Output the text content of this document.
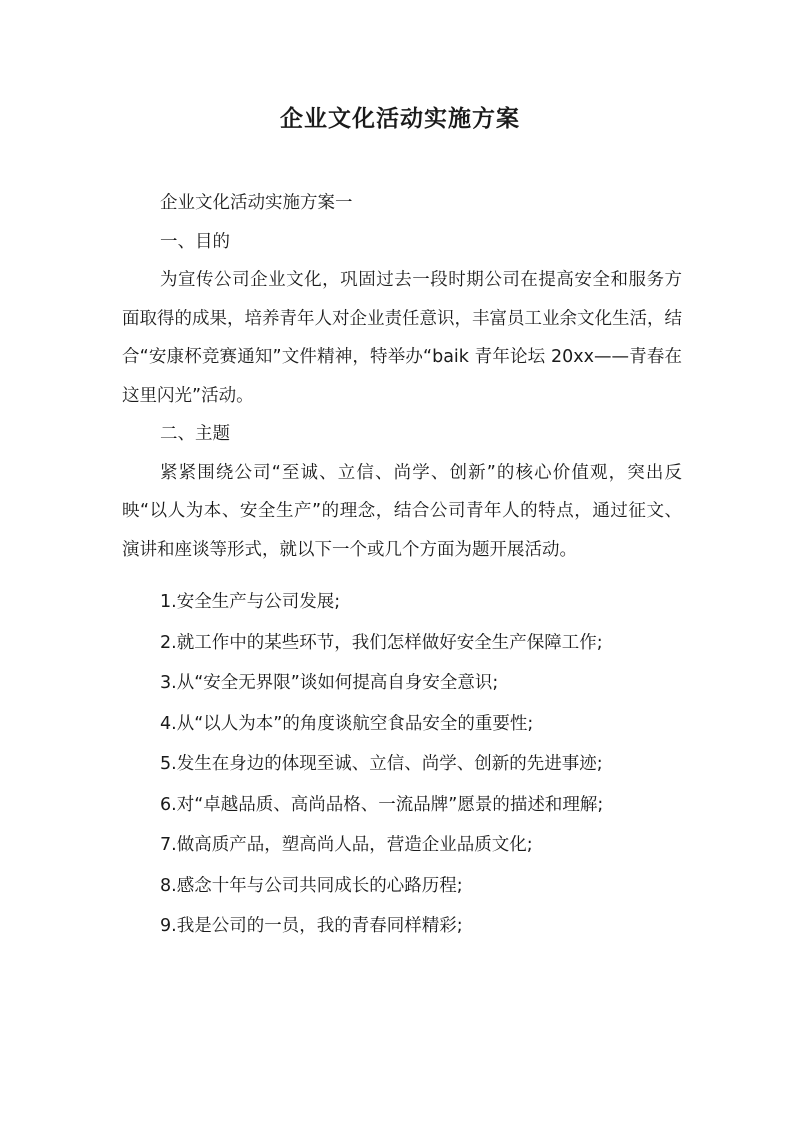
企业文化活动实施方案

企业文化活动实施方案一

一、目的

为宣传公司企业文化，巩固过去一段时期公司在提高安全和服务方面取得的成果，培养青年人对企业责任意识，丰富员工业余文化生活，结合“安康杯竞赛通知”文件精神，特举办“baik 青年论坛 20xx——青春在这里闪光”活动。

二、主题

紧紧围绕公司“至诚、立信、尚学、创新”的核心价值观，突出反映“以人为本、安全生产”的理念，结合公司青年人的特点，通过征文、演讲和座谈等形式，就以下一个或几个方面为题开展活动。

1.安全生产与公司发展;

2.就工作中的某些环节，我们怎样做好安全生产保障工作;

3.从“安全无界限”谈如何提高自身安全意识;

4.从“以人为本”的角度谈航空食品安全的重要性;

5.发生在身边的体现至诚、立信、尚学、创新的先进事迹;

6.对“卓越品质、高尚品格、一流品牌”愿景的描述和理解;

7.做高质产品，塑高尚人品，营造企业品质文化;

8.感念十年与公司共同成长的心路历程;

9.我是公司的一员，我的青春同样精彩;
